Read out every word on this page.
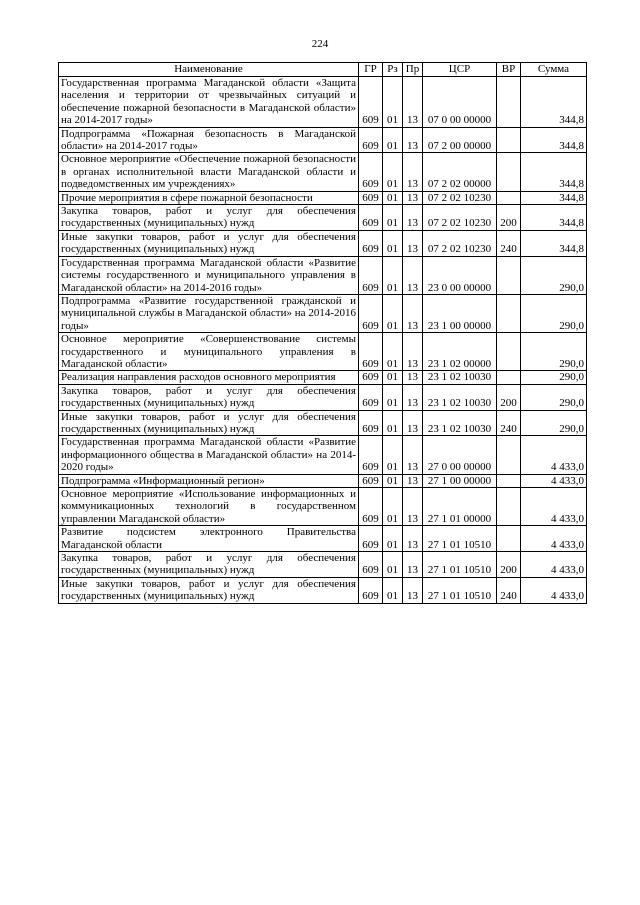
224
Наименование	ГР	Рз	Пр	ЦСР	ВР	Сумма
Государственная программа Магаданской области «Защита населения и территории от чрезвычайных ситуаций и обеспечение пожарной безопасности в Магаданской области» на 2014-2017 годы»	609	01	13	07 0 00 00000		344,8
Подпрограмма «Пожарная безопасность в Магаданской области» на 2014-2017 годы»	609	01	13	07 2 00 00000		344,8
Основное мероприятие «Обеспечение пожарной безопасности в органах исполнительной власти Магаданской области и подведомственных им учреждениях»	609	01	13	07 2 02 00000		344,8
Прочие мероприятия в сфере пожарной безопасности	609	01	13	07 2 02 10230		344,8
Закупка товаров, работ и услуг для обеспечения государственных (муниципальных) нужд	609	01	13	07 2 02 10230	200	344,8
Иные закупки товаров, работ и услуг для обеспечения государственных (муниципальных) нужд	609	01	13	07 2 02 10230	240	344,8
Государственная программа Магаданской области «Развитие системы государственного и муниципального управления в Магаданской области» на 2014-2016 годы»	609	01	13	23 0 00 00000		290,0
Подпрограмма «Развитие государственной гражданской и муниципальной службы в Магаданской области» на 2014-2016 годы»	609	01	13	23 1 00 00000		290,0
Основное мероприятие «Совершенствование системы государственного и муниципального управления в Магаданской области»	609	01	13	23 1 02 00000		290,0
Реализация направления расходов основного мероприятия	609	01	13	23 1 02 10030		290,0
Закупка товаров, работ и услуг для обеспечения государственных (муниципальных) нужд	609	01	13	23 1 02 10030	200	290,0
Иные закупки товаров, работ и услуг для обеспечения государственных (муниципальных) нужд	609	01	13	23 1 02 10030	240	290,0
Государственная программа Магаданской области «Развитие информационного общества в Магаданской области» на 2014-2020 годы»	609	01	13	27 0 00 00000		4 433,0
Подпрограмма «Информационный регион»	609	01	13	27 1 00 00000		4 433,0
Основное мероприятие «Использование информационных и коммуникационных технологий в государственном управлении Магаданской области»	609	01	13	27 1 01 00000		4 433,0
Развитие подсистем электронного Правительства Магаданской области	609	01	13	27 1 01 10510		4 433,0
Закупка товаров, работ и услуг для обеспечения государственных (муниципальных) нужд	609	01	13	27 1 01 10510	200	4 433,0
Иные закупки товаров, работ и услуг для обеспечения государственных (муниципальных) нужд	609	01	13	27 1 01 10510	240	4 433,0
